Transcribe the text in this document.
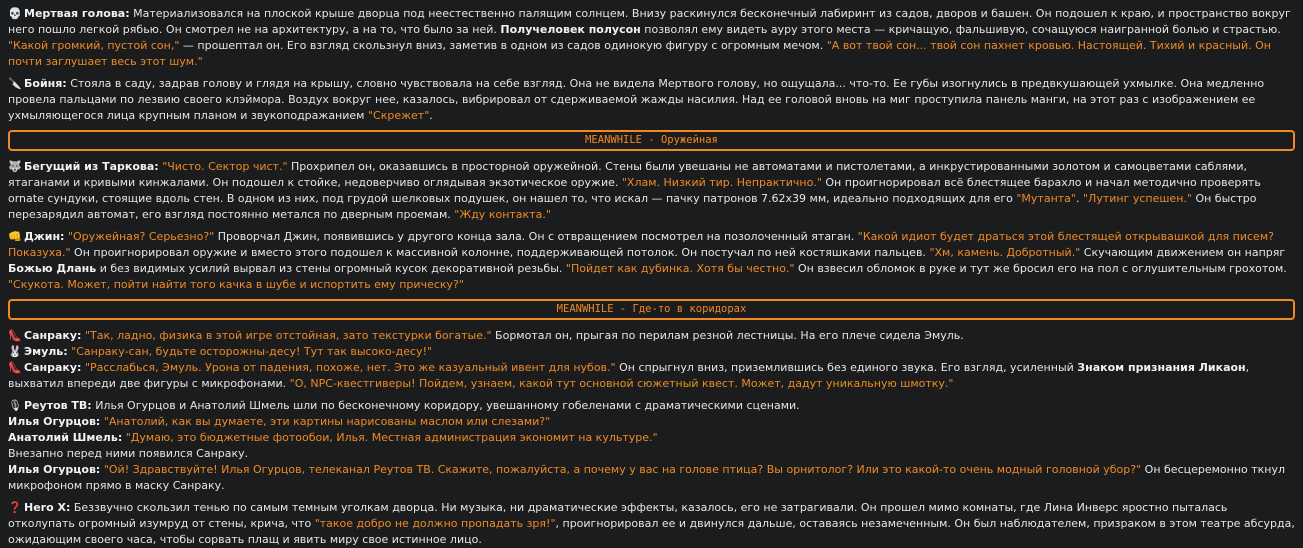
💀 Мертвая голова: Материализовался на плоской крыше дворца под неестественно палящим солнцем. Внизу раскинулся бесконечный лабиринт из садов, дворов и башен. Он подошел к краю, и пространство вокруг него пошло легкой рябью. Он смотрел не на архитектуру, а на то, что было за ней. Получеловек полусон позволял ему видеть ауру этого места — кричащую, фальшивую, сочащуюся наигранной болью и страстью. "Какой громкий, пустой сон," — прошептал он. Его взгляд скользнул вниз, заметив в одном из садов одинокую фигуру с огромным мечом. "А вот твой сон... твой сон пахнет кровью. Настоящей. Тихий и красный. Он почти заглушает весь этот шум."

🔪 Бойня: Стояла в саду, задрав голову и глядя на крышу, словно чувствовала на себе взгляд. Она не видела Мертвого голову, но ощущала... что-то. Ее губы изогнулись в предвкушающей ухмылке. Она медленно провела пальцами по лезвию своего клэймора. Воздух вокруг нее, казалось, вибрировал от сдерживаемой жажды насилия. Над ее головой вновь на миг проступила панель манги, на этот раз с изображением ее ухмыляющегося лица крупным планом и звукоподражанием "Скрежет".

MEANWHILE - Оружейная

🐺 Бегущий из Таркова: "Чисто. Сектор чист." Прохрипел он, оказавшись в просторной оружейной. Стены были увешаны не автоматами и пистолетами, а инкрустированными золотом и самоцветами саблями, ятаганами и кривыми кинжалами. Он подошел к стойке, недоверчиво оглядывая экзотическое оружие. "Хлам. Низкий тир. Непрактично." Он проигнорировал всё блестящее барахло и начал методично проверять ornate сундуки, стоящие вдоль стен. В одном из них, под грудой шелковых подушек, он нашел то, что искал — пачку патронов 7.62x39 мм, идеально подходящих для его "Мутанта". "Лутинг успешен." Он быстро перезарядил автомат, его взгляд постоянно метался по дверным проемам. "Жду контакта."

👊 Джин: "Оружейная? Серьезно?" Проворчал Джин, появившись у другого конца зала. Он с отвращением посмотрел на позолоченный ятаган. "Какой идиот будет драться этой блестящей открывашкой для писем? Показуха." Он проигнорировал оружие и вместо этого подошел к массивной колонне, поддерживающей потолок. Он постучал по ней костяшками пальцев. "Хм, камень. Добротный." Скучающим движением он напряг Божью Длань и без видимых усилий вырвал из стены огромный кусок декоративной резьбы. "Пойдет как дубинка. Хотя бы честно." Он взвесил обломок в руке и тут же бросил его на пол с оглушительным грохотом. "Скукота. Может, пойти найти того качка в шубе и испортить ему прическу?"

MEANWHILE - Где-то в коридорах

👠 Санраку: "Так, ладно, физика в этой игре отстойная, зато текстурки богатые." Бормотал он, прыгая по перилам резной лестницы. На его плече сидела Эмуль.

🐰 Эмуль: "Санраку-сан, будьте осторожны-десу! Тут так высоко-десу!"

👠 Санраку: "Расслабься, Эмуль. Урона от падения, похоже, нет. Это же казуальный ивент для нубов." Он спрыгнул вниз, приземлившись без единого звука. Его взгляд, усиленный Знаком признания Ликаон, выхватил впереди две фигуры с микрофонами. "О, NPC-квестгиверы! Пойдем, узнаем, какой тут основной сюжетный квест. Может, дадут уникальную шмотку."

🎙 Реутов ТВ: Илья Огурцов и Анатолий Шмель шли по бесконечному коридору, увешанному гобеленами с драматическими сценами.

Илья Огурцов: "Анатолий, как вы думаете, эти картины нарисованы маслом или слезами?"

Анатолий Шмель: "Думаю, это бюджетные фотообои, Илья. Местная администрация экономит на культуре."

Внезапно перед ними появился Санраку.

Илья Огурцов: "Ой! Здравствуйте! Илья Огурцов, телеканал Реутов ТВ. Скажите, пожалуйста, а почему у вас на голове птица? Вы орнитолог? Или это какой-то очень модный головной убор?" Он бесцеремонно ткнул микрофоном прямо в маску Санраку.

❓ Hero X: Беззвучно скользил тенью по самым темным уголкам дворца. Ни музыка, ни драматические эффекты, казалось, его не затрагивали. Он прошел мимо комнаты, где Лина Инверс яростно пыталась отколупать огромный изумруд от стены, крича, что "такое добро не должно пропадать зря!", проигнорировал ее и двинулся дальше, оставаясь незамеченным. Он был наблюдателем, призраком в этом театре абсурда, ожидающим своего часа, чтобы сорвать плащ и явить миру свое истинное лицо.
